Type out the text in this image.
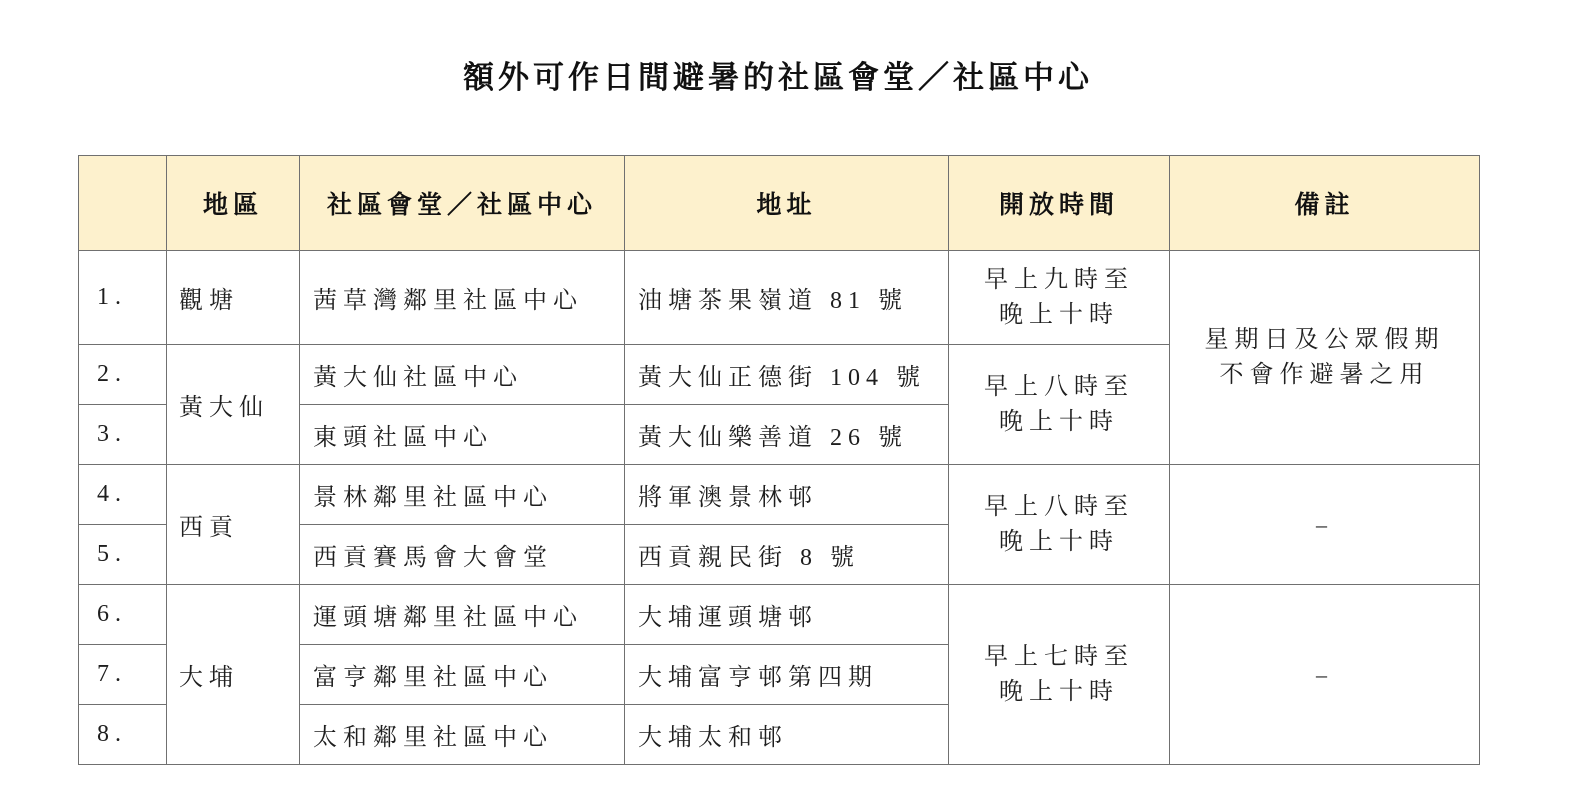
額外可作日間避暑的社區會堂／社區中心
	地區	社區會堂／社區中心	地址	開放時間	備註
1.	觀塘	茜草灣鄰里社區中心	油塘茶果嶺道 81 號	早上九時至
晚上十時	星期日及公眾假期
不會作避暑之用

2.	黃大仙	黃大仙社區中心	黃大仙正德街 104 號	早上八時至
晚上十時	

3.		東頭社區中心	黃大仙樂善道 26 號		
4.	西貢	景林鄰里社區中心	將軍澳景林邨	早上八時至
晚上十時	–

5.		西貢賽馬會大會堂	西貢親民街 8 號		
6.	大埔	運頭塘鄰里社區中心	大埔運頭塘邨	早上七時至
晚上十時	–

7.		富亨鄰里社區中心	大埔富亨邨第四期		
8.		太和鄰里社區中心	大埔太和邨		
